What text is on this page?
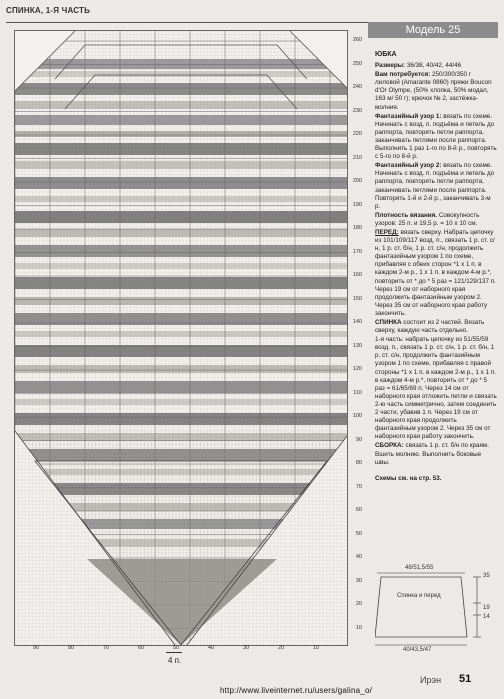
СПИНКА, 1-Я ЧАСТЬ
Модель 25
260
250
240
230
220
210
200
190
180
170
160
150
140
130
120
110
100
90
80
70
60
50
40
30
20
10
90	80	70	60	50	40	30	20	10
4 п.

ЮБКА

Размеры: 36/38, 40/42, 44/46

Вам потребуется: 250/300/350 г лиловой (Amarante 0860) пряжи Boucon d'Or Olympe, (50% хлопка, 50% модал, 163 м/ 50 г); крючок № 2, застёжка-молния.

Фантазийный узор 1: вязать по схеме. Начинать с возд. п. подъёма и петель до раппорта, повторять петли раппорта, заканчивать петлями после раппорта. Выполнить 1 раз 1-го по 8-й р., повторять с 5-го по 8-й р.

Фантазийный узор 2: вязать по схеме. Начинать с возд. п. подъёма и петель до раппорта, повторять петли раппорта, заканчивать петлями после раппорта. Повторять 1-й и 2-й р., заканчивать 3-м р.

Плотность вязания. Совокупность узоров: 25 п. и 19,5 р. = 10 х 10 см.

ПЕРЕД: вязать сверху. Набрать цепочку из 101/109/117 возд. п., связать 1 р. ст. с/н, 1 р. ст. б/н, 1 р. ст. с/н, продолжить фантазийным узором 1 по схеме, прибавляя с обеих сторон *1 х 1 п. в каждом 2-м р., 1 х 1 п. в каждом 4-м р.*, повторить от * до * 5 раз = 121/129/137 п. Через 19 см от наборного края продолжить фантазийным узором 2. Через 35 см от наборного края работу закончить.

СПИНКА состоит из 2 частей. Вязать сверху, каждую часть отдельно.

1-я часть: набрать цепочку из 51/55/59 возд. п., связать 1 р. ст. с/н, 1 р. ст. б/н, 1 р. ст. с/н, продолжить фантазийным узором 1 по схеме, прибавляя с правой стороны *1 х 1 п. в каждом 2-м р., 1 х 1 п. в каждом 4-м р.*, повторить от * до * 5 раз = 61/65/69 п. Через 14 см от наборного края отложить петли и связать 2-ю часть симметрично, затем соединить 2 части, убавив 1 п. Через 19 см от наборного края продолжить фантазийным узором 2. Через 35 см от наборного края работу закончить.

СБОРКА: связать 1 р. ст. б/н по краям. Вшить молнию. Выполнить боковые швы.

Схемы см. на стр. 53.

48/51,5/55
Спинка и перед
40/43,5/47
35
19
14
Ирэн 51
http://www.liveinternet.ru/users/galina_o/
